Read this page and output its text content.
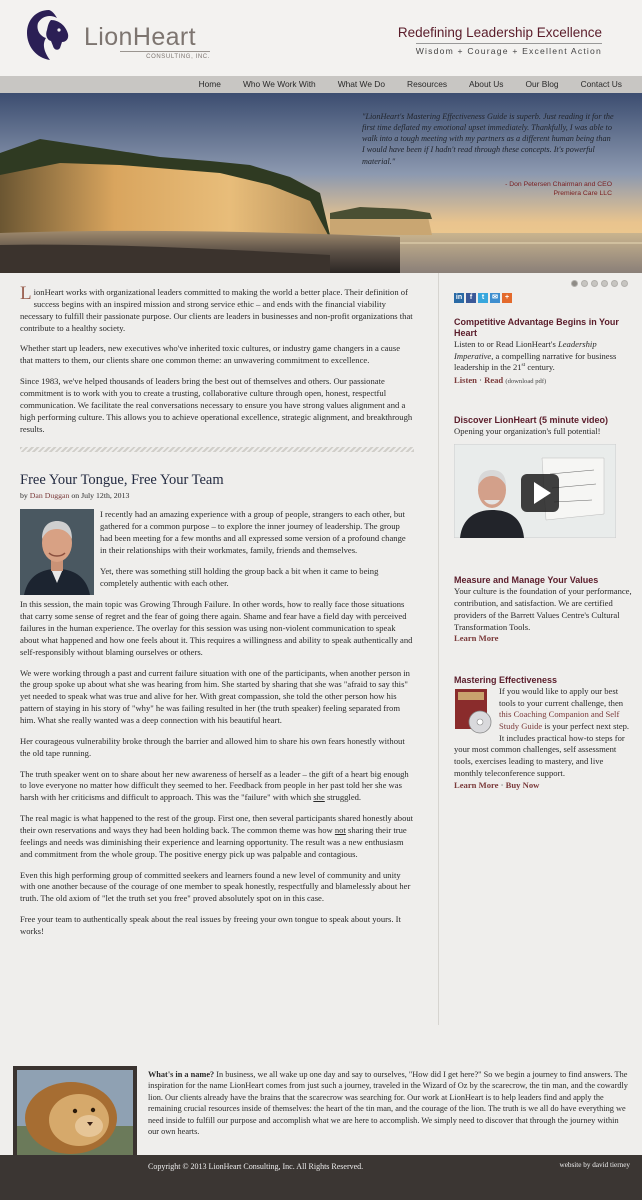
LionHeart
CONSULTING, INC.
Redefining Leadership Excellence
Wisdom + Courage + Excellent Action
Home	Who We Work With	What We Do	Resources	About Us	Our Blog	Contact Us
"LionHeart's Mastering Effectiveness Guide is superb. Just reading it for the first time deflated my emotional upset immediately. Thankfully, I was able to walk into a tough meeting with my partners as a different human being than I would have been if I hadn't read through these concepts. It's powerful material."
- Don Petersen Chairman and CEO
Premiera Care LLC

LionHeart works with organizational leaders committed to making the world a better place. Their definition of success begins with an inspired mission and strong service ethic – and ends with the financial viability necessary to fulfill their passionate purpose. Our clients are leaders in businesses and non-profit organizations that contribute to a healthy society.

Whether start up leaders, new executives who've inherited toxic cultures, or industry game changers in a cause that matters to them, our clients share one common theme: an unwavering commitment to excellence.

Since 1983, we've helped thousands of leaders bring the best out of themselves and others. Our passionate commitment is to work with you to create a trusting, collaborative culture through open, honest, respectful communication. We facilitate the real conversations necessary to ensure you have strong values alignment and a high performing culture. This allows you to achieve operational excellence, strategic alignment, and breakthrough results.

Free Your Tongue, Free Your Team
by Dan Duggan on July 12th, 2013

I recently had an amazing experience with a group of people, strangers to each other, but gathered for a common purpose – to explore the inner journey of leadership. The group had been meeting for a few months and all expressed some version of a profound change in their relationships with their workmates, family, friends and themselves.

Yet, there was something still holding the group back a bit when it came to being completely authentic with each other.

In this session, the main topic was Growing Through Failure. In other words, how to really face those situations that carry some sense of regret and the fear of going there again. Shame and fear have a field day with perceived failures in the human experience. The overlay for this session was using non-violent communication to speak about what happened and how one feels about it. This requires a willingness and ability to speak authentically and self-responsibly without blaming ourselves or others.

We were working through a past and current failure situation with one of the participants, when another person in the group spoke up about what she was hearing from him. She started by sharing that she was "afraid to say this" yet needed to speak what was true and alive for her. With great compassion, she told the other person how his pattern of staying in his story of "why" he was failing resulted in her (the truth speaker) feeling separated from him. What she really wanted was a deep connection with his beautiful heart.

Her courageous vulnerability broke through the barrier and allowed him to share his own fears honestly without the old tape running.

The truth speaker went on to share about her new awareness of herself as a leader – the gift of a heart big enough to love everyone no matter how difficult they seemed to her. Feedback from people in her past told her she was harsh with her criticisms and difficult to approach. This was the "failure" with which she struggled.

The real magic is what happened to the rest of the group. First one, then several participants shared honestly about their own reservations and ways they had been holding back. The common theme was how not sharing their true feelings and needs was diminishing their experience and learning opportunity. The result was a new enthusiasm and commitment from the whole group. The positive energy pick up was palpable and contagious.

Even this high performing group of committed seekers and learners found a new level of community and unity with one another because of the courage of one member to speak honestly, respectfully and blamelessly about her truth. The old axiom of "let the truth set you free" proved absolutely spot on in this case.

Free your team to authentically speak about the real issues by freeing your own tongue to speak about yours. It works!

in	f	t	✉	+
Competitive Advantage Begins in Your Heart
Listen to or Read LionHeart's Leadership Imperative, a compelling narrative for business leadership in the 21st century.
Listen · Read (download pdf)
Discover LionHeart (5 minute video)
Opening your organization's full potential!
Measure and Manage Your Values
Your culture is the foundation of your performance, contribution, and satisfaction. We are certified providers of the Barrett Values Centre's Cultural Transformation Tools.
Learn More
Mastering Effectiveness
If you would like to apply our best tools to your current challenge, then this Coaching Companion and Self Study Guide is your perfect next step. It includes practical how-to steps for your most common challenges, self assessment tools, exercises leading to mastery, and live monthly teleconference support.
Learn More · Buy Now
What's in a name? In business, we all wake up one day and say to ourselves, "How did I get here?" So we begin a journey to find answers. The inspiration for the name LionHeart comes from just such a journey, traveled in the Wizard of Oz by the scarecrow, the tin man, and the cowardly lion. Our clients already have the brains that the scarecrow was searching for. Our work at LionHeart is to help leaders find and apply the remaining crucial resources inside of themselves: the heart of the tin man, and the courage of the lion. The truth is we all do have everything we need inside to fulfill our purpose and accomplish what we are here to accomplish. We simply need to discover that through the journey within our own hearts.
Copyright © 2013 LionHeart Consulting, Inc. All Rights Reserved.	website by david tierney
